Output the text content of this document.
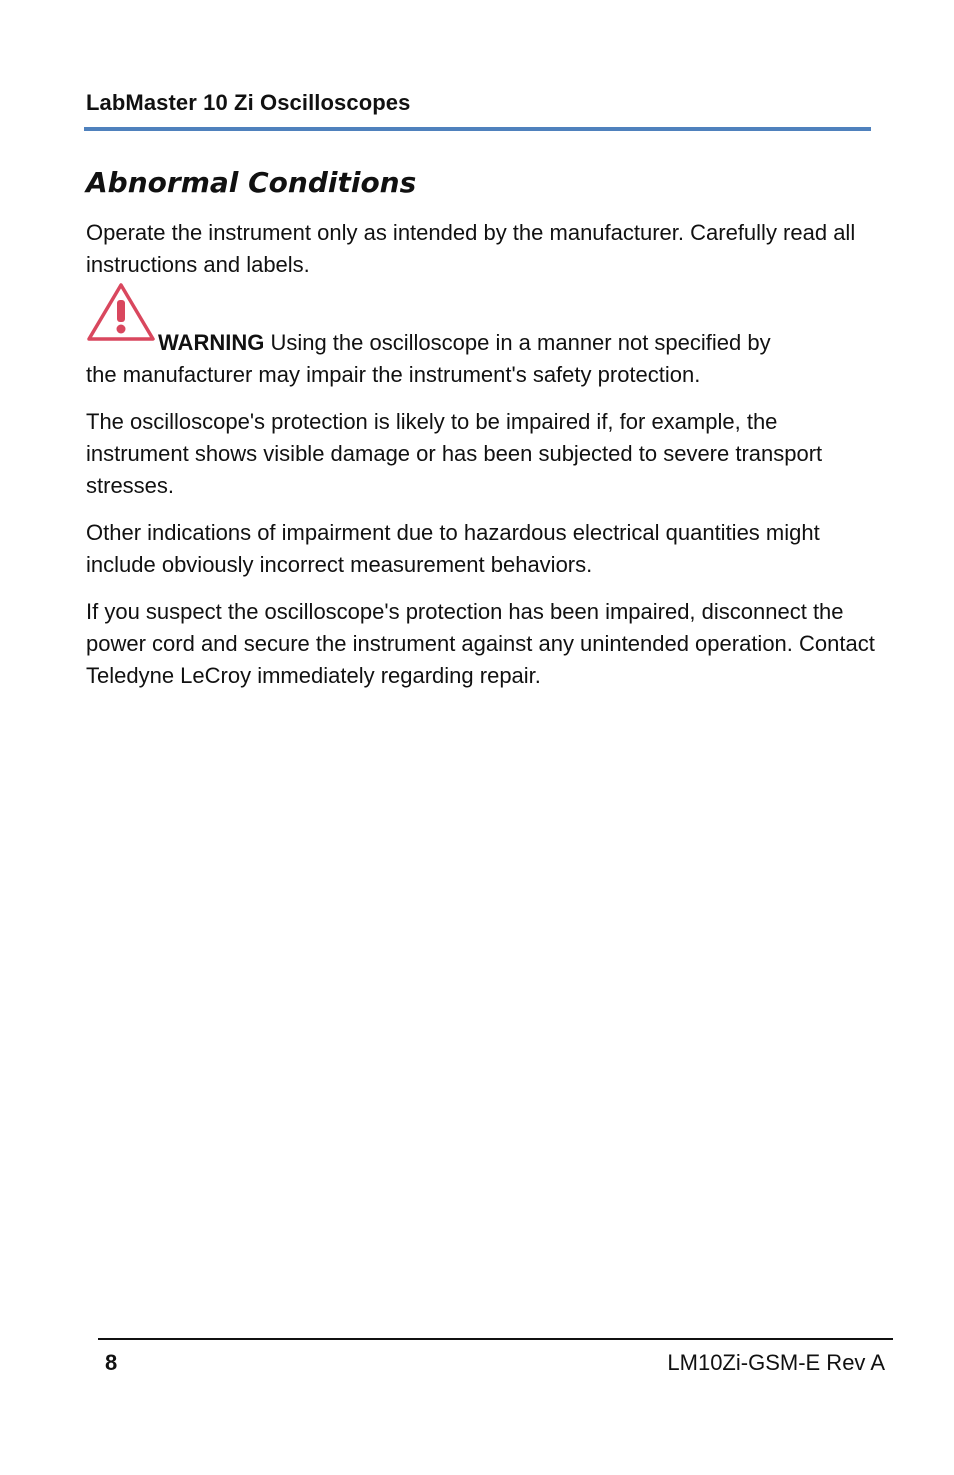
LabMaster 10 Zi Oscilloscopes
Abnormal Conditions

Operate the instrument only as intended by the manufacturer. Carefully read all instructions and labels.

WARNING Using the oscilloscope in a manner not specified by
the manufacturer may impair the instrument's safety protection.

The oscilloscope's protection is likely to be impaired if, for example, the instrument shows visible damage or has been subjected to severe transport stresses.

Other indications of impairment due to hazardous electrical quantities might include obviously incorrect measurement behaviors.

If you suspect the oscilloscope's protection has been impaired, disconnect the power cord and secure the instrument against any unintended operation. Contact Teledyne LeCroy immediately regarding repair.

8	LM10Zi-GSM-E Rev A
